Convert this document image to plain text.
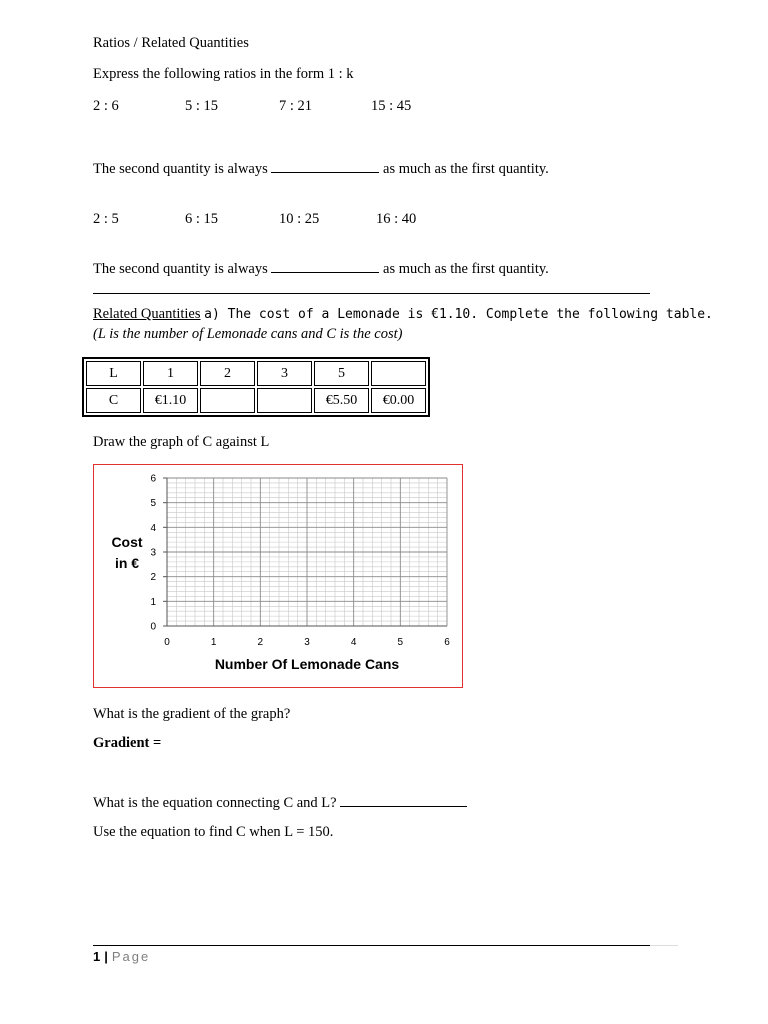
Ratios / Related Quantities
Express the following ratios in the form 1 : k
2 : 6	5 : 15	7 : 21	15 : 45
The second quantity is always	as much as the first quantity.
2 : 5	6 : 15	10 : 25	16 : 40
The second quantity is always	as much as the first quantity.
Related Quantities a) The cost of a Lemonade is €1.10. Complete the following table.
(L is the number of Lemonade cans and C is the cost)
L	1	2	3	5	
C	€1.10			€5.50	€0.00
Draw the graph of C against L
0
1
2
3
4
5
6
0	1	2	3	4	5	6
Number Of Lemonade Cans
Cost
in €
What is the gradient of the graph?
Gradient =
What is the equation connecting C and L?
Use the equation to find C when L = 150.
1 | Page
